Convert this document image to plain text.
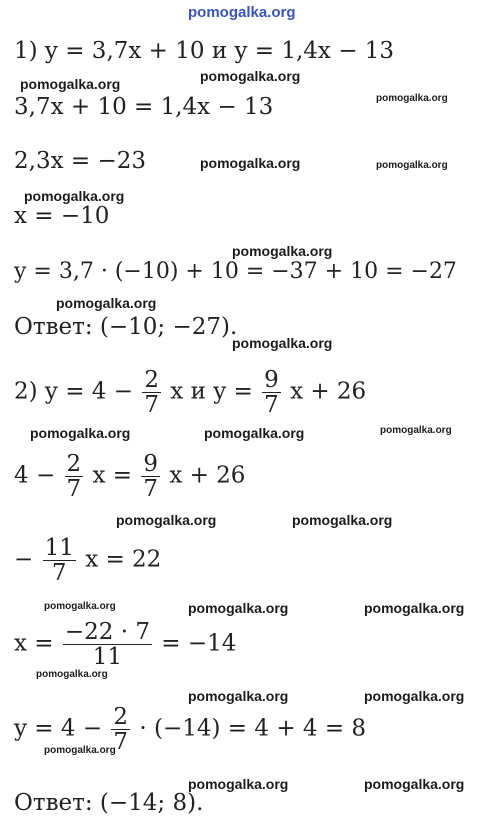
pomogalka.org
1) y = 3,7x + 10 и y = 1,4x − 13
pomogalka.org
pomogalka.org
3,7x + 10 = 1,4x − 13	pomogalka.org
2,3x = −23	pomogalka.org	pomogalka.org
pomogalka.org
x = −10
pomogalka.org
y = 3,7 · (−10) + 10 = −37 + 10 = −27
pomogalka.org
Ответ: (−10; −27).
pomogalka.org
2) $y = 4 - \frac{2}{7}$ x и $y = \frac{9}{7}$ x + 26
pomogalka.org	pomogalka.org	pomogalka.org
$4 - \frac{2}{7}$ $x = \frac{9}{7}$ x + 26
pomogalka.org	pomogalka.org
− $\frac{11}{7}$ x = 22
pomogalka.org	pomogalka.org	pomogalka.org
$x = \frac{-22 \cdot 7}{11} = -14$
pomogalka.org
pomogalka.org	pomogalka.org
$y = 4 - \frac{2}{7} \cdot (-14) = 4 + 4 = 8$
pomogalka.org
pomogalka.org	pomogalka.org
Ответ: (−14; 8).
